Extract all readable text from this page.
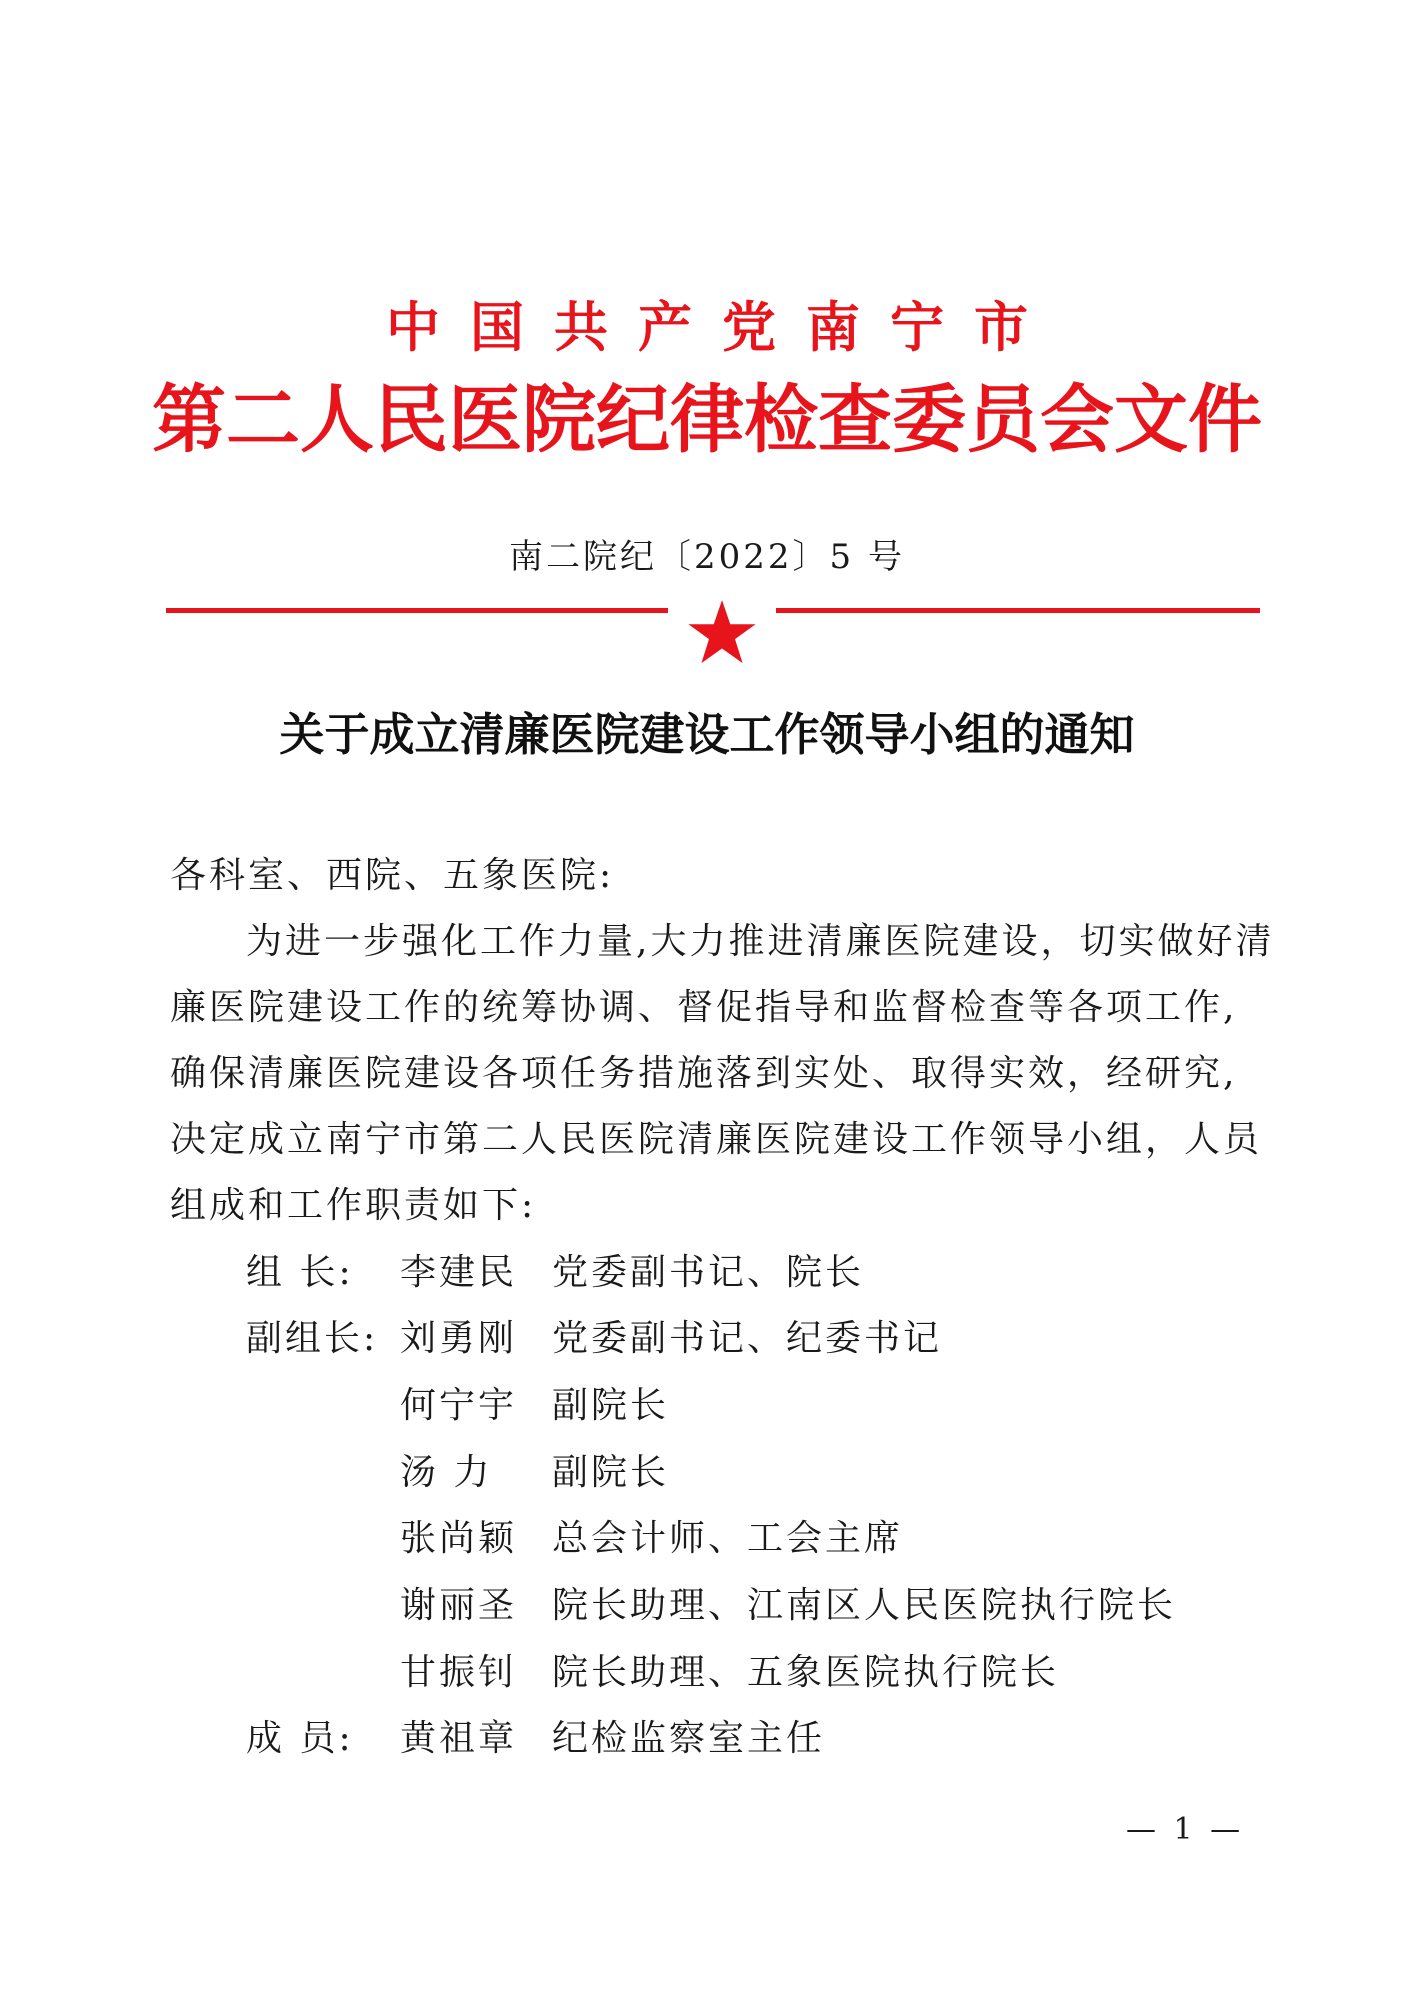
中国共产党南宁市
第二人民医院纪律检查委员会文件
南二院纪〔2022〕5 号
关于成立清廉医院建设工作领导小组的通知
各科室、西院、五象医院:
为进一步强化工作力量,大力推进清廉医院建设，切实做好清
廉医院建设工作的统筹协调、督促指导和监督检查等各项工作,
确保清廉医院建设各项任务措施落到实处、取得实效，经研究,
决定成立南宁市第二人民医院清廉医院建设工作领导小组，人员
组成和工作职责如下:
组 长: 李建民 党委副书记、院长
副组长: 刘勇刚 党委副书记、纪委书记
何宁宇 副院长
汤 力 副院长
张尚颖 总会计师、工会主席
谢丽圣 院长助理、江南区人民医院执行院长
甘振钊 院长助理、五象医院执行院长
成 员: 黄祖章 纪检监察室主任
— 1 —
